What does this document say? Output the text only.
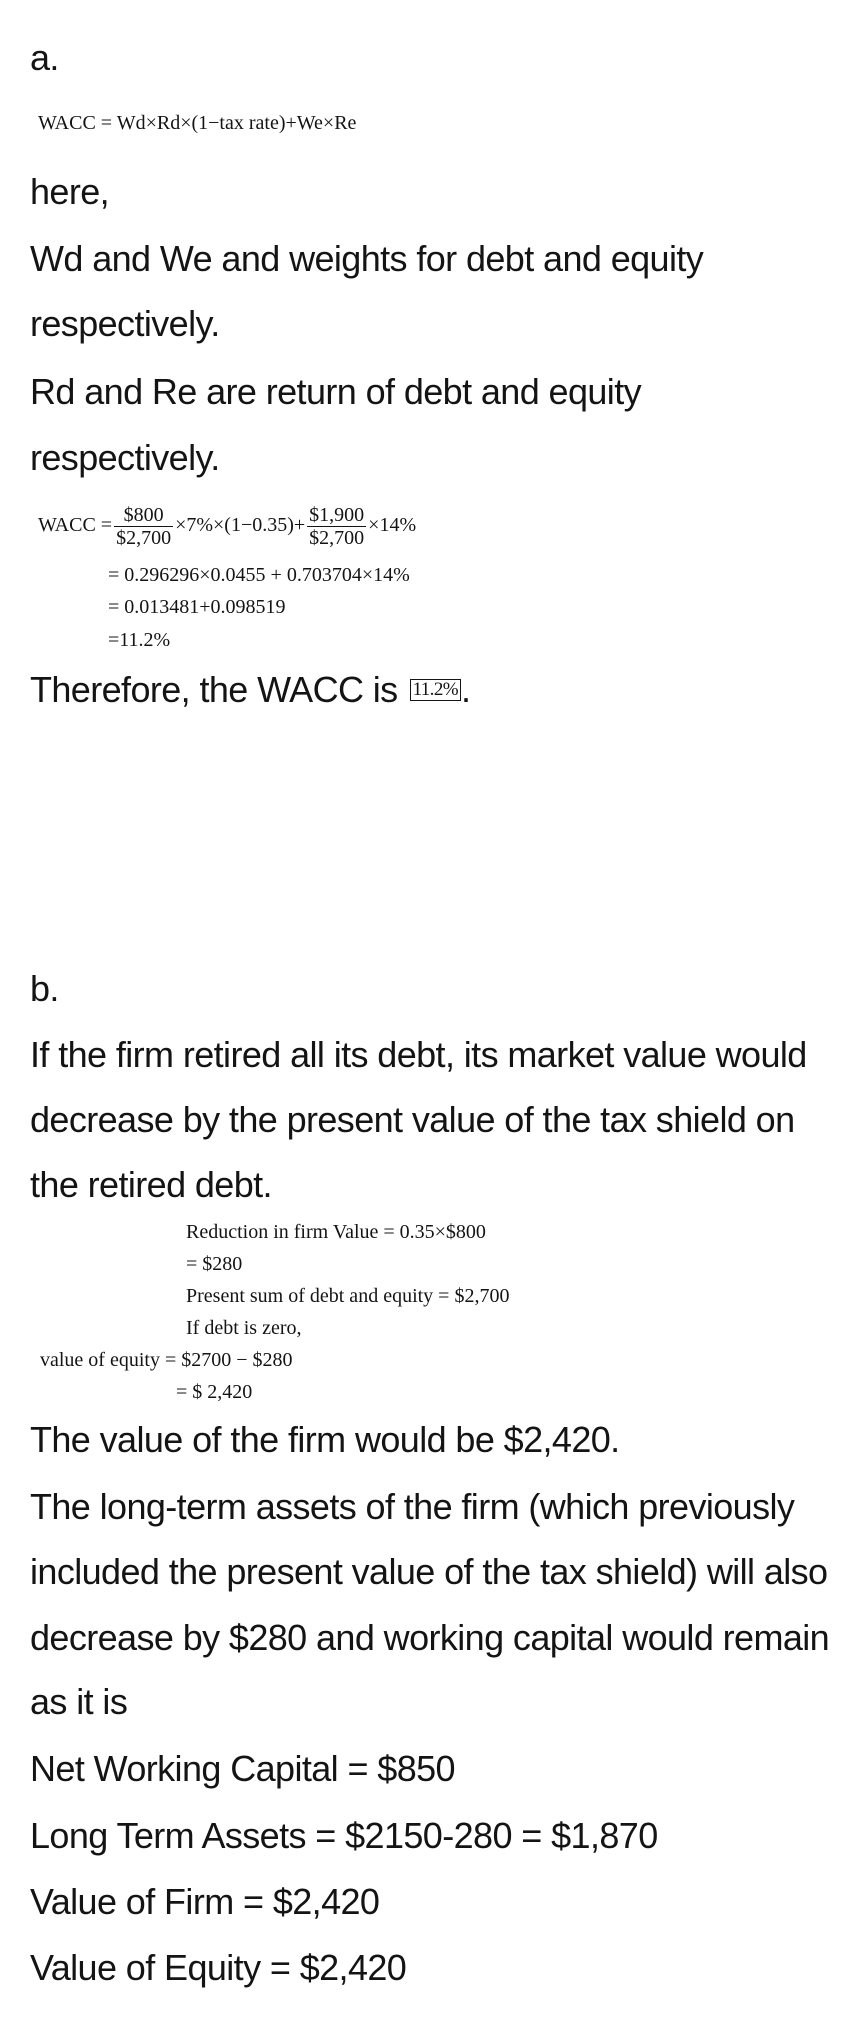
a.
WACC = Wd×Rd×(1−tax rate)+We×Re
here,
Wd and We and weights for debt and equity
respectively.
Rd and Re are return of debt and equity
respectively.
WACC = $\frac{\$800}{\$2,700} \times 7\%\times(1-0.35)+ \frac{\$1,900}{\$2,700} \times 14\%$
= 0.296296×0.0455 + 0.703704×14%
= 0.013481+0.098519
=11.2%
Therefore, the WACC is 11.2%.
b.
If the firm retired all its debt, its market value would
decrease by the present value of the tax shield on
the retired debt.
Reduction in firm Value = 0.35×$800
= $280
Present sum of debt and equity = $2,700
If debt is zero,
value of equity = $2700 − $280
= $ 2,420
The value of the firm would be $2,420.
The long-term assets of the firm (which previously
included the present value of the tax shield) will also
decrease by $280 and working capital would remain
as it is
Net Working Capital = $850
Long Term Assets = $2150-280 = $1,870
Value of Firm = $2,420
Value of Equity = $2,420
